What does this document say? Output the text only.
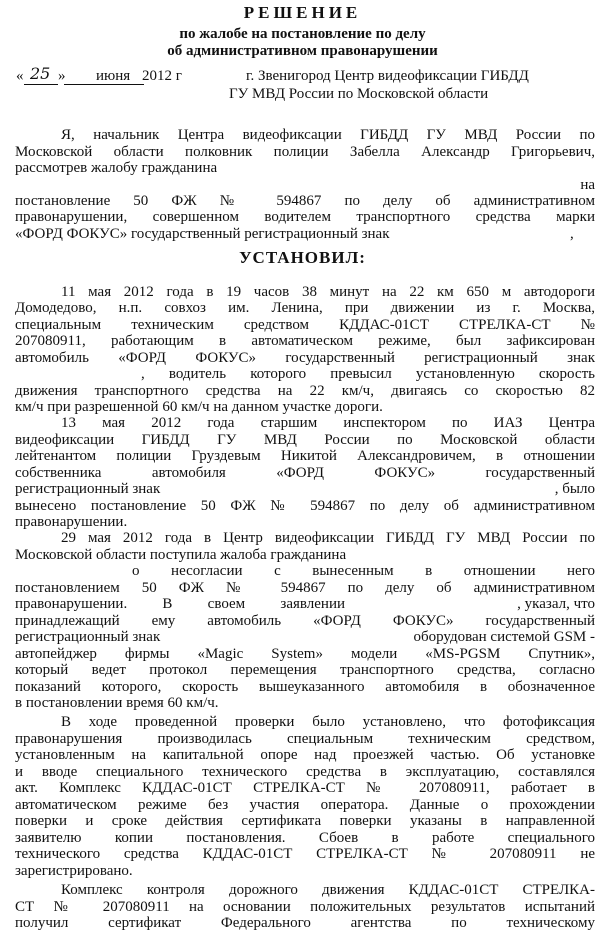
РЕШЕНИЕ
по жалобе на постановление по делу
об административном правонарушении
« 25 » июня 2012 г	г. Звенигород Центр видеофиксации ГИБДД
ГУ МВД России по Московской области
Я, начальник Центра видеофиксации ГИБДД ГУ МВД России по
Московской области полковник полиции Забелла Александр Григорьевич,
рассмотрев жалобу гражданина
на
постановление 50 ФЖ № 594867 по делу об административном
правонарушении, совершенном водителем транспортного средства марки
«ФОРД ФОКУС» государственный регистрационный знак	,
УСТАНОВИЛ:
11 мая 2012 года в 19 часов 38 минут на 22 км 650 м автодороги
Домодедово, н.п. совхоз им. Ленина, при движении из г. Москва,
специальным техническим средством КДДАС-01СТ СТРЕЛКА-СТ №
207080911, работающим в автоматическом режиме, был зафиксирован
автомобиль «ФОРД ФОКУС» государственный регистрационный знак
, водитель которого превысил установленную скорость
движения транспортного средства на 22 км/ч, двигаясь со скоростью 82
км/ч при разрешенной 60 км/ч на данном участке дороги.
13 мая 2012 года старшим инспектором по ИАЗ Центра
видеофиксации ГИБДД ГУ МВД России по Московской области
лейтенантом полиции Груздевым Никитой Александровичем, в отношении
собственника автомобиля «ФОРД ФОКУС» государственный
регистрационный знак	, было
вынесено постановление 50 ФЖ № 594867 по делу об административном
правонарушении.
29 мая 2012 года в Центр видеофиксации ГИБДД ГУ МВД России по
Московской области поступила жалоба гражданина
о несогласии с вынесенным в отношении него
постановлением 50 ФЖ № 594867 по делу об административном
правонарушении. В своем заявлении	, указал, что
принадлежащий ему автомобиль «ФОРД ФОКУС» государственный
регистрационный знак	оборудован системой GSM -
автопейджер фирмы «Magic System» модели «MS-PGSM Спутник»,
который ведет протокол перемещения транспортного средства, согласно
показаний которого, скорость вышеуказанного автомобиля в обозначенное
в постановлении время 60 км/ч.
В ходе проведенной проверки было установлено, что фотофиксация
правонарушения производилась специальным техническим средством,
установленным на капитальной опоре над проезжей частью. Об установке
и вводе специального технического средства в эксплуатацию, составлялся
акт. Комплекс КДДАС-01СТ СТРЕЛКА-СТ № 207080911, работает в
автоматическом режиме без участия оператора. Данные о прохождении
поверки и сроке действия сертификата поверки указаны в направленной
заявителю копии постановления. Сбоев в работе специального
технического средства КДДАС-01СТ СТРЕЛКА-СТ № 207080911 не
зарегистрировано.
Комплекс контроля дорожного движения КДДАС-01СТ СТРЕЛКА-
СТ № 207080911 на основании положительных результатов испытаний
получил сертификат Федерального агентства по техническому
